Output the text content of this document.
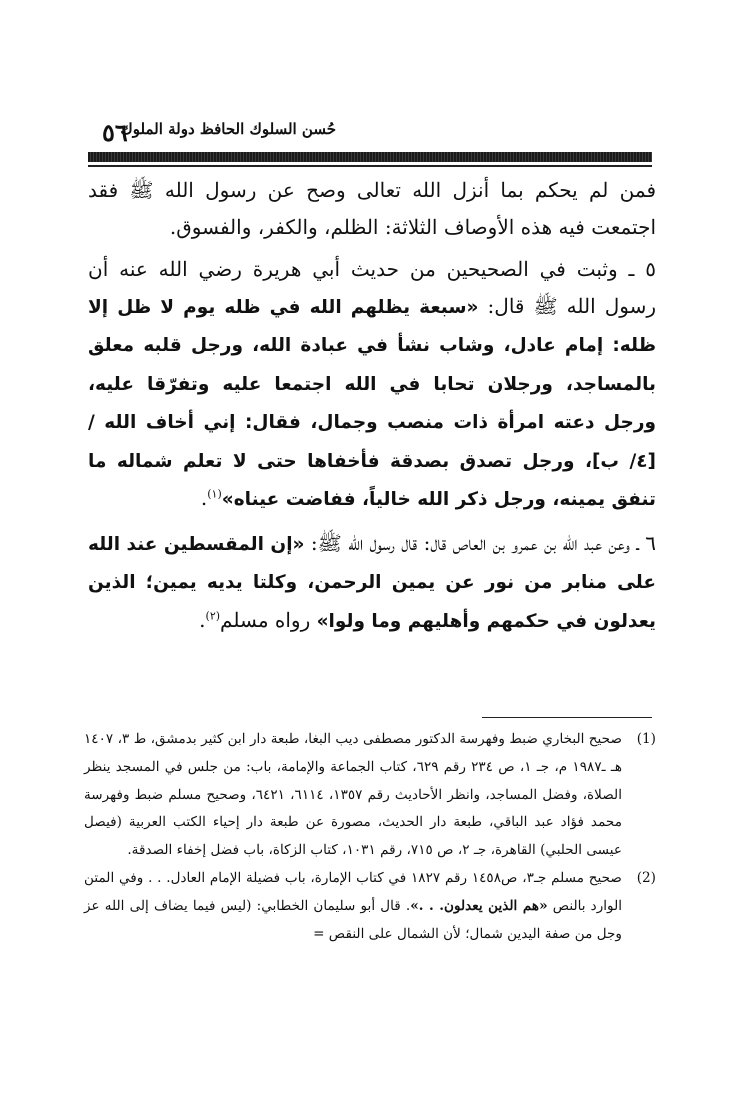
٥٦
حُسن السلوك الحافظ دولة الملوك

فمن لم يحكم بما أنزل الله تعالى وصح عن رسول الله ﷺ فقد اجتمعت فيه هذه الأوصاف الثلاثة: الظلم، والكفر، والفسوق.

٥ ـ وثبت في الصحيحين من حديث أبي هريرة رضي الله عنه أن رسول الله ﷺ قال: «سبعة يظلهم الله في ظله يوم لا ظل إلا ظله: إمام عادل، وشاب نشأ في عبادة الله، ورجل قلبه معلق بالمساجد، ورجلان تحابا في الله اجتمعا عليه وتفرّقا عليه، ورجل دعته امرأة ذات منصب وجمال، فقال: إني أخاف الله / [٤/ ب]، ورجل تصدق بصدقة فأخفاها حتى لا تعلم شماله ما تنفق يمينه، ورجل ذكر الله خالياً، ففاضت عيناه»$^{(١)}$.

٦ ـ وعن عبد الله بن عمرو بن العاص قال: قال رسول الله ﷺ: «إن المقسطين عند الله على منابر من نور عن يمين الرحمن، وكلتا يديه يمين؛ الذين يعدلون في حكمهم وأهليهم وما ولوا» رواه مسلم$^{(٢)}$.

(1)
صحيح البخاري ضبط وفهرسة الدكتور مصطفى ديب البغا، طبعة دار ابن كثير بدمشق، ط ٣، ١٤٠٧ هـ ـ١٩٨٧ م، جـ ١، ص ٢٣٤ رقم ٦٢٩، كتاب الجماعة والإمامة، باب: من جلس في المسجد ينظر الصلاة، وفضل المساجد، وانظر الأحاديث رقم ١٣٥٧، ٦١١٤، ٦٤٢١، وصحيح مسلم ضبط وفهرسة محمد فؤاد عبد الباقي، طبعة دار الحديث، مصورة عن طبعة دار إحياء الكتب العربية (فيصل عيسى الحلبي) القاهرة، جـ ٢، ص ٧١٥، رقم ١٠٣١، كتاب الزكاة، باب فضل إخفاء الصدقة.

(2)
صحيح مسلم جـ٣، ص١٤٥٨ رقم ١٨٢٧ في كتاب الإمارة، باب فضيلة الإمام العادل. . . وفي المتن الوارد بالنص «هم الذين يعدلون. . .». قال أبو سليمان الخطابي: (ليس فيما يضاف إلى الله عز وجل من صفة اليدين شمال؛ لأن الشمال على النقص =
